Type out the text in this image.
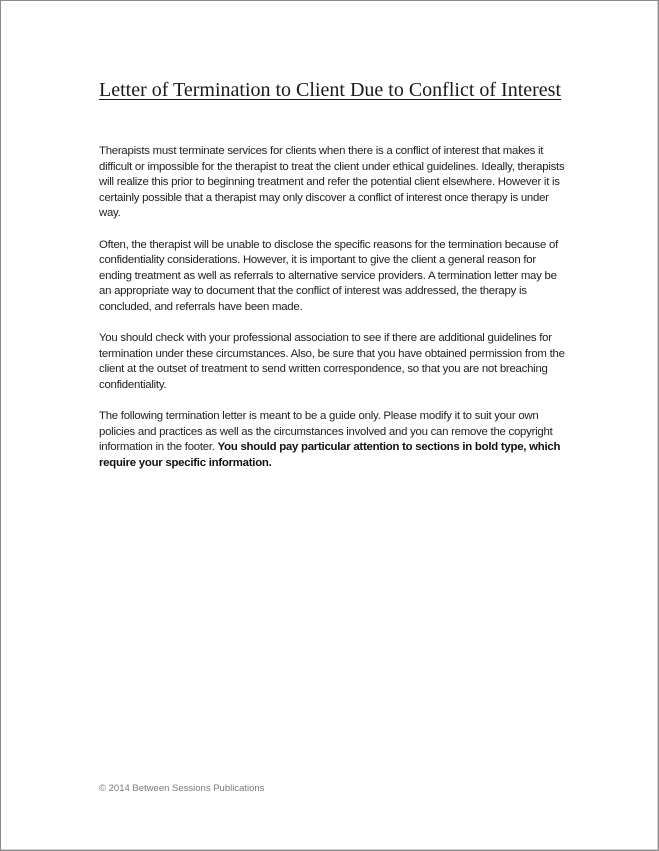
Letter of Termination to Client Due to Conflict of Interest

Therapists must terminate services for clients when there is a conflict of interest that makes it difficult or impossible for the therapist to treat the client under ethical guidelines. Ideally, therapists will realize this prior to beginning treatment and refer the potential client elsewhere. However it is certainly possible that a therapist may only discover a conflict of interest once therapy is under way.

Often, the therapist will be unable to disclose the specific reasons for the termination because of confidentiality considerations. However, it is important to give the client a general reason for ending treatment as well as referrals to alternative service providers. A termination letter may be an appropriate way to document that the conflict of interest was addressed, the therapy is concluded, and referrals have been made.

You should check with your professional association to see if there are additional guidelines for termination under these circumstances. Also, be sure that you have obtained permission from the client at the outset of treatment to send written correspondence, so that you are not breaching confidentiality.

The following termination letter is meant to be a guide only. Please modify it to suit your own policies and practices as well as the circumstances involved and you can remove the copyright information in the footer. You should pay particular attention to sections in bold type, which require your specific information.

© 2014 Between Sessions Publications
